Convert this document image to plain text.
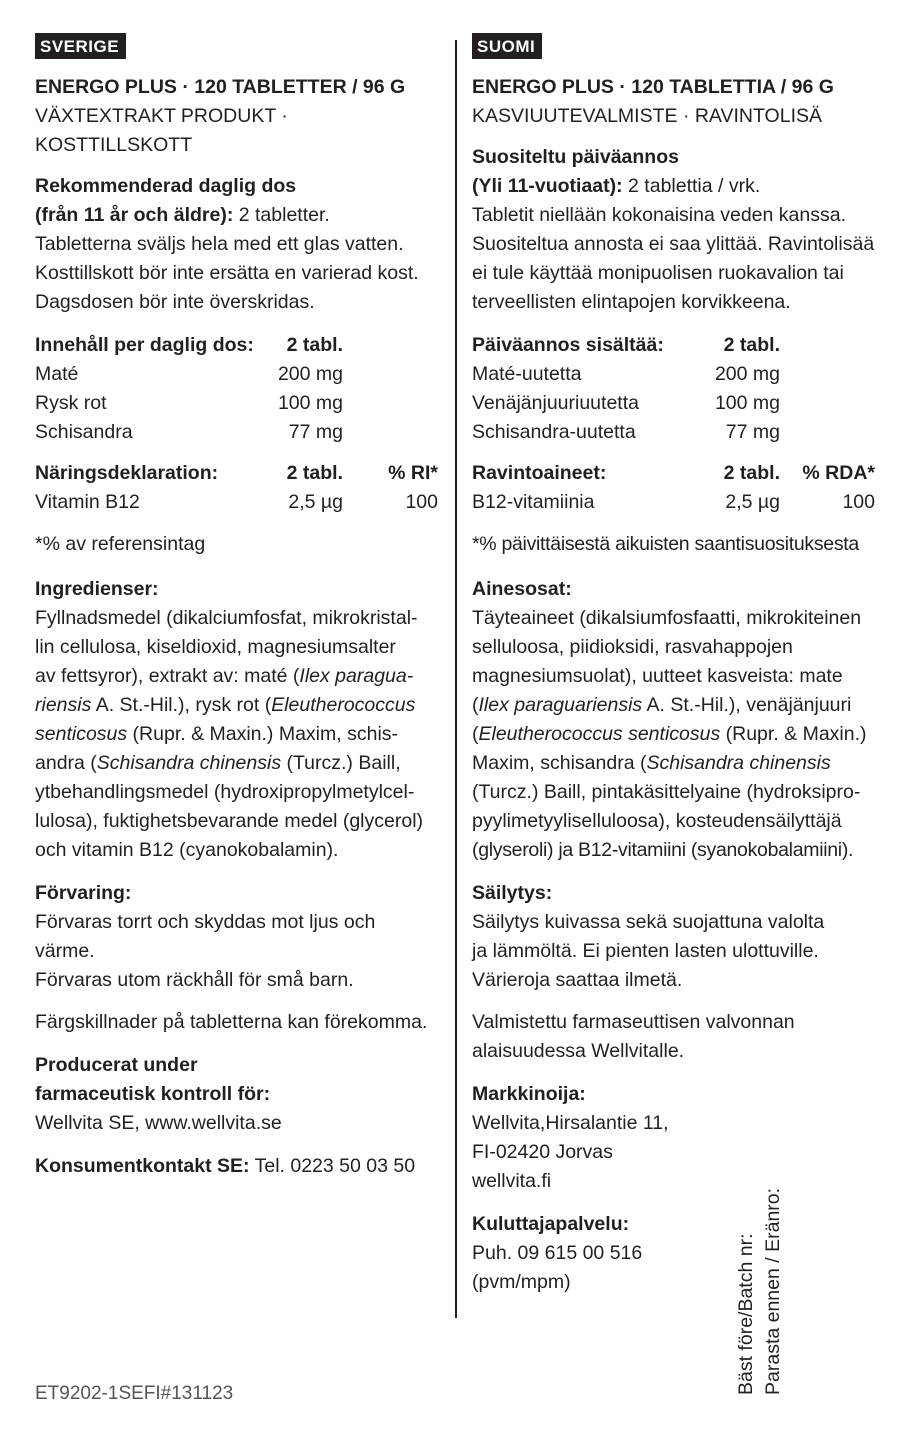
SVERIGE
ENERGO PLUS · 120 TABLETTER / 96 G
VÄXTEXTRAKT PRODUKT · KOSTTILLSKOTT
Rekommenderad daglig dos
(från 11 år och äldre): 2 tabletter.
Tabletterna sväljs hela med ett glas vatten.
Kosttillskott bör inte ersätta en varierad kost.
Dagsdosen bör inte överskridas.
Innehåll per daglig dos:	2 tabl.
Maté	200 mg
Rysk rot	100 mg
Schisandra	77 mg
Näringsdeklaration:	2 tabl.	% RI*
Vitamin B12	2,5 µg	100
*% av referensintag
Ingredienser:
Fyllnadsmedel (dikalciumfosfat, mikrokristal-
lin cellulosa, kiseldioxid, magnesiumsalter
av fettsyror), extrakt av: maté (Ilex paragua-
riensis A. St.-Hil.), rysk rot (Eleutherococcus
senticosus (Rupr. & Maxin.) Maxim, schis-
andra (Schisandra chinensis (Turcz.) Baill,
ytbehandlingsmedel (hydroxipropylmetylcel-
lulosa), fuktighetsbevarande medel (glycerol)
och vitamin B12 (cyanokobalamin).
Förvaring:
Förvaras torrt och skyddas mot ljus och värme.
Förvaras utom räckhåll för små barn.
Färgskillnader på tabletterna kan förekomma.
Producerat under
farmaceutisk kontroll för:
Wellvita SE, www.wellvita.se
Konsumentkontakt SE: Tel. 0223 50 03 50
SUOMI
ENERGO PLUS · 120 TABLETTIA / 96 G
KASVIUUTEVALMISTE · RAVINTOLISÄ
Suositeltu päiväannos
(Yli 11-vuotiaat): 2 tablettia / vrk.
Tabletit niellään kokonaisina veden kanssa.
Suositeltua annosta ei saa ylittää. Ravintolisää
ei tule käyttää monipuolisen ruokavalion tai
terveellisten elintapojen korvikkeena.
Päiväannos sisältää:	2 tabl.
Maté-uutetta	200 mg
Venäjänjuuriuutetta	100 mg
Schisandra-uutetta	77 mg
Ravintoaineet:	2 tabl.	% RDA*
B12-vitamiinia	2,5 µg	100
*% päivittäisestä aikuisten saantisuosituksesta
Ainesosat:
Täyteaineet (dikalsiumfosfaatti, mikrokiteinen
selluloosa, piidioksidi, rasvahappojen
magnesiumsuolat), uutteet kasveista: mate
(Ilex paraguariensis A. St.-Hil.), venäjänjuuri
(Eleutherococcus senticosus (Rupr. & Maxin.)
Maxim, schisandra (Schisandra chinensis
(Turcz.) Baill, pintakäsittelyaine (hydroksipro-
pyylimetyyliselluloosa), kosteudensäilyttäjä
(glyseroli) ja B12-vitamiini (syanokobalamiini).
Säilytys:
Säilytys kuivassa sekä suojattuna valolta
ja lämmöltä. Ei pienten lasten ulottuville.
Värieroja saattaa ilmetä.
Valmistettu farmaseuttisen valvonnan
alaisuudessa Wellvitalle.
Markkinoija:
Wellvita,Hirsalantie 11,
FI-02420 Jorvas
wellvita.fi
Kuluttajapalvelu:
Puh. 09 615 00 516
(pvm/mpm)	Bäst före/Batch nr: Parasta ennen / Eränro:
ET9202-1SEFI#131123
